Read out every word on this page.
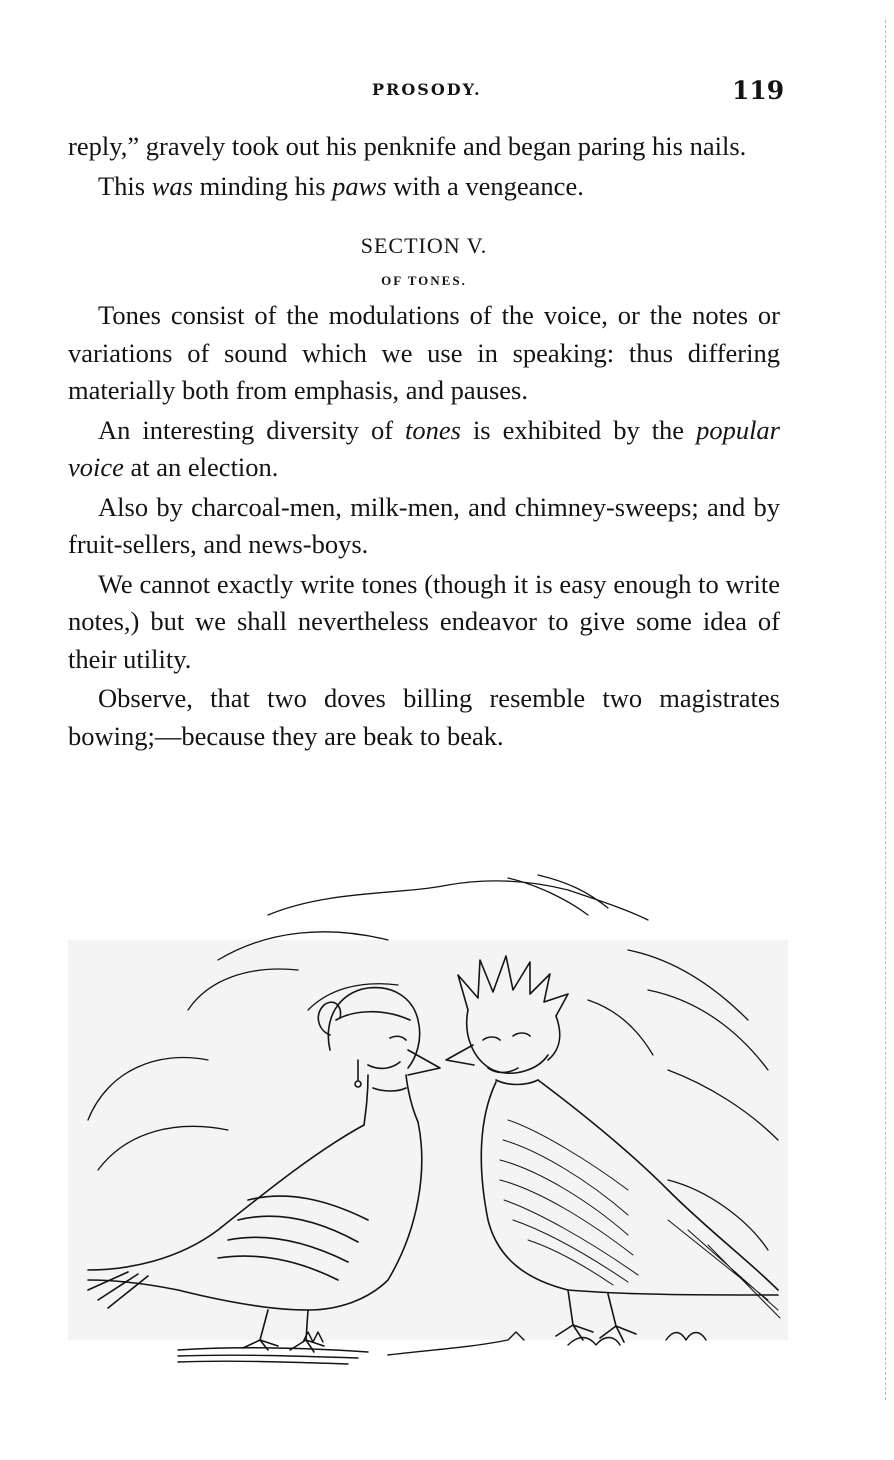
PROSODY.	119

reply,” gravely took out his penknife and began paring his nails.

This was minding his paws with a vengeance.

SECTION V.

OF TONES.

Tones consist of the modulations of the voice, or the notes or variations of sound which we use in speaking: thus differing materially both from emphasis, and pauses.

An interesting diversity of tones is exhibited by the popular voice at an election.

Also by charcoal-men, milk-men, and chimney-sweeps; and by fruit-sellers, and news-boys.

We cannot exactly write tones (though it is easy enough to write notes,) but we shall nevertheless endeavor to give some idea of their utility.

Observe, that two doves billing resemble two magistrates bowing;—because they are beak to beak.
